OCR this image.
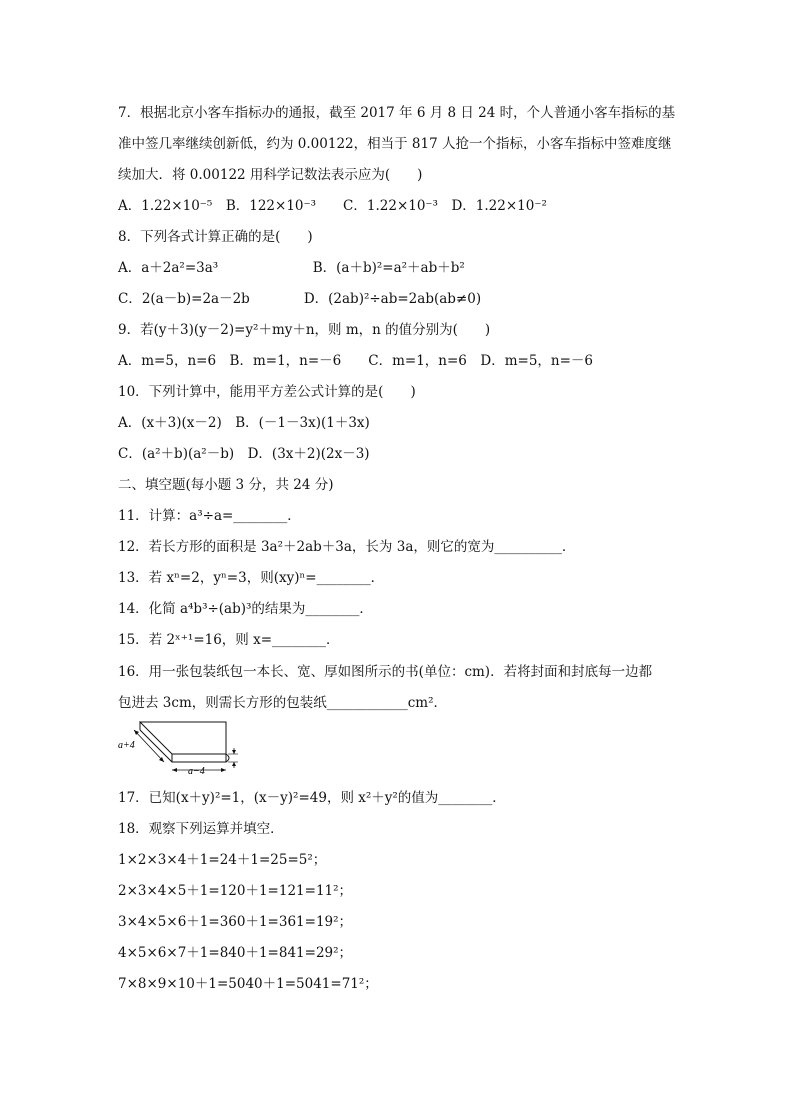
7．根据北京小客车指标办的通报，截至 2017 年 6 月 8 日 24 时，个人普通小客车指标的基
准中签几率继续创新低，约为 0.00122，相当于 817 人抢一个指标，小客车指标中签难度继
续加大．将 0.00122 用科学记数法表示应为(　　)
A．1.22×10⁻⁵　B．122×10⁻³　　C．1.22×10⁻³　D．1.22×10⁻²
8．下列各式计算正确的是(　　)
A．a＋2a²=3a³　　　　　　　B．(a＋b)²=a²＋ab＋b²
C．2(a－b)=2a－2b　　　　D．(2ab)²÷ab=2ab(ab≠0)
9．若(y＋3)(y－2)=y²＋my＋n，则 m，n 的值分别为(　　)
A．m=5，n=6　B．m=1，n=－6　　C．m=1，n=6　D．m=5，n=－6
10．下列计算中，能用平方差公式计算的是(　　)
A．(x＋3)(x－2)　B．(－1－3x)(1＋3x)
C．(a²＋b)(a²－b)　D．(3x＋2)(2x－3)
二、填空题(每小题 3 分，共 24 分)
11．计算：a³÷a=________．
12．若长方形的面积是 3a²＋2ab＋3a，长为 3a，则它的宽为__________．
13．若 xⁿ=2，yⁿ=3，则(xy)ⁿ=________．
14．化简 a⁴b³÷(ab)³的结果为________．
15．若 2ˣ⁺¹=16，则 x=________．
16．用一张包装纸包一本长、宽、厚如图所示的书(单位：cm)．若将封面和封底每一边都
包进去 3cm，则需长方形的包装纸____________cm²．
a+4
a−4
17．已知(x＋y)²=1，(x－y)²=49，则 x²＋y²的值为________．
18．观察下列运算并填空．
1×2×3×4＋1=24＋1=25=5²；
2×3×4×5＋1=120＋1=121=11²；
3×4×5×6＋1=360＋1=361=19²；
4×5×6×7＋1=840＋1=841=29²；
7×8×9×10＋1=5040＋1=5041=71²；
